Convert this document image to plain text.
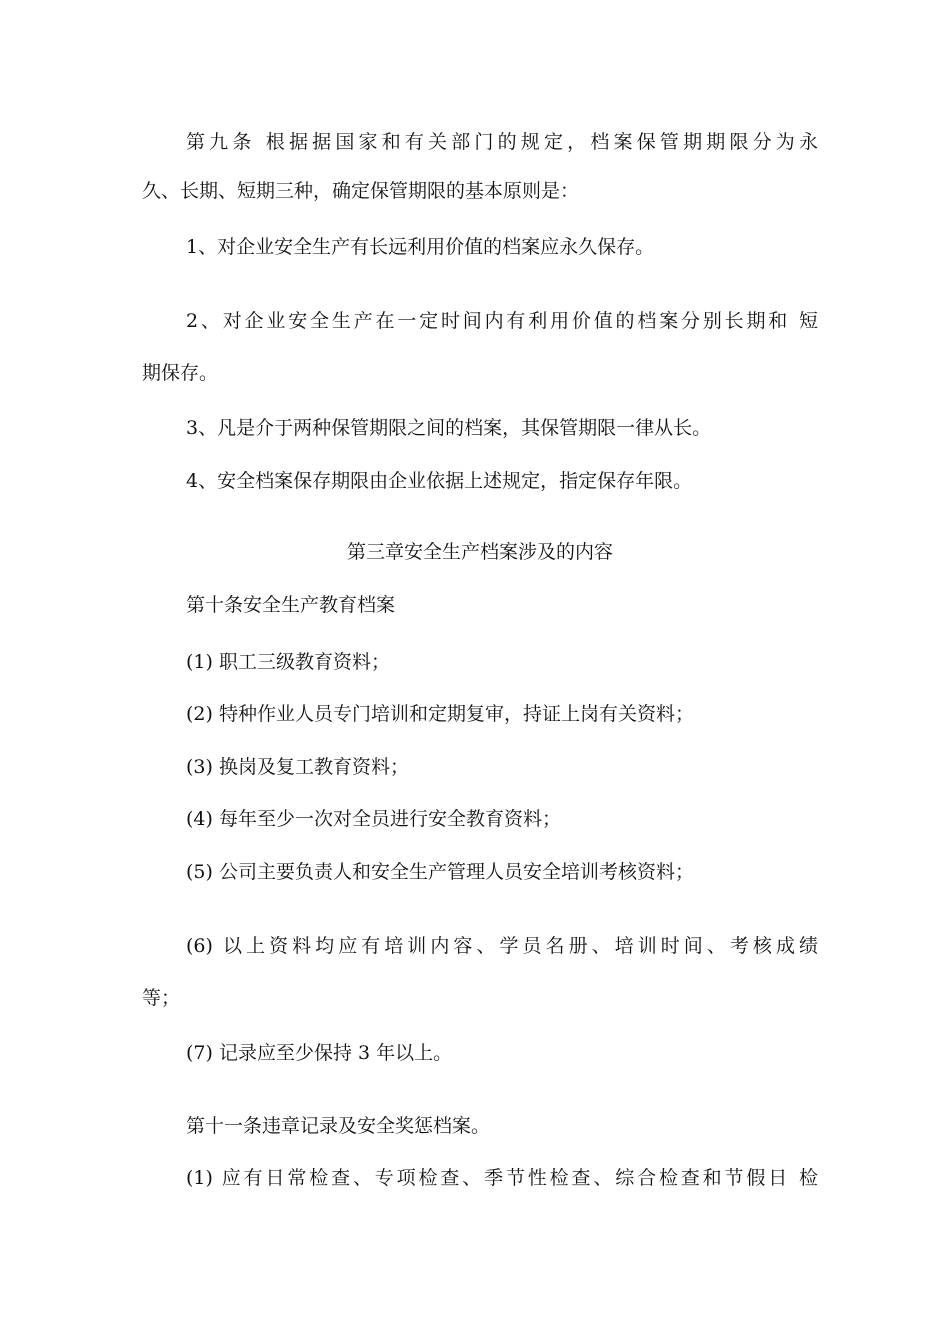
第九条 根据据国家和有关部门的规定，档案保管期期限分为永
久、长期、短期三种，确定保管期限的基本原则是：
1、对企业安全生产有长远利用价值的档案应永久保存。
2、对企业安全生产在一定时间内有利用价值的档案分别长期和 短
期保存。
3、凡是介于两种保管期限之间的档案，其保管期限一律从长。
4、安全档案保存期限由企业依据上述规定，指定保存年限。
第三章安全生产档案涉及的内容
第十条安全生产教育档案
(1) 职工三级教育资料；
(2) 特种作业人员专门培训和定期复审，持证上岗有关资料；
(3) 换岗及复工教育资料；
(4) 每年至少一次对全员进行安全教育资料；
(5) 公司主要负责人和安全生产管理人员安全培训考核资料；
(6) 以上资料均应有培训内容、学员名册、培训时间、考核成绩
等；
(7) 记录应至少保持 3 年以上。
第十一条违章记录及安全奖惩档案。
(1) 应有日常检查、专项检查、季节性检查、综合检查和节假日 检
